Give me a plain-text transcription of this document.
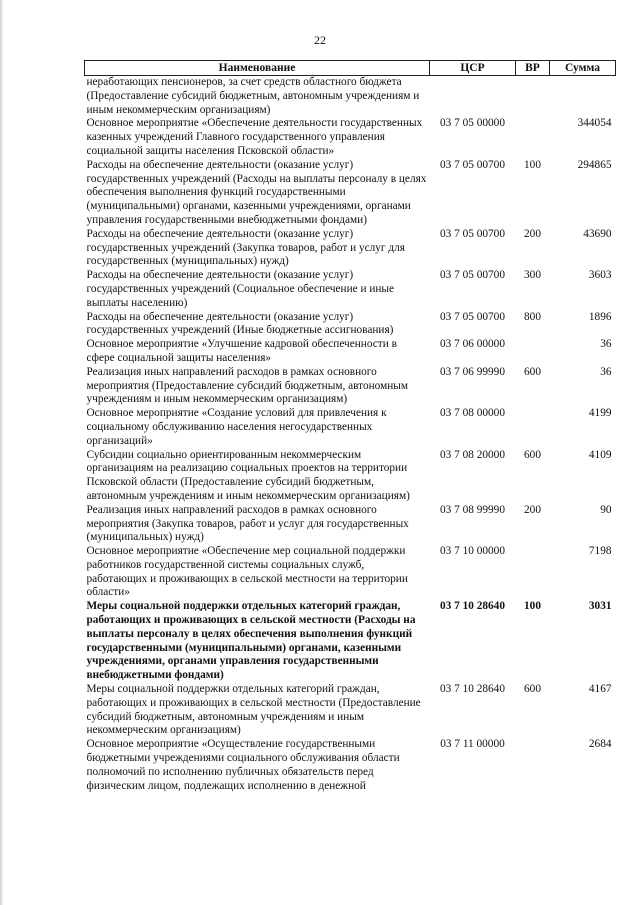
22
Наименование	ЦСР	ВР	Сумма
неработающих пенсионеров, за счет средств областного бюджета (Предоставление субсидий бюджетным, автономным учреждениям и иным некоммерческим организациям)			
Основное мероприятие «Обеспечение деятельности государственных казенных учреждений Главного государственного управления социальной защиты населения Псковской области»	03 7 05 00000		344054
Расходы на обеспечение деятельности (оказание услуг) государственных учреждений (Расходы на выплаты персоналу в целях обеспечения выполнения функций государственными (муниципальными) органами, казенными учреждениями, органами управления государственными внебюджетными фондами)	03 7 05 00700	100	294865
Расходы на обеспечение деятельности (оказание услуг) государственных учреждений (Закупка товаров, работ и услуг для государственных (муниципальных) нужд)	03 7 05 00700	200	43690
Расходы на обеспечение деятельности (оказание услуг) государственных учреждений (Социальное обеспечение и иные выплаты населению)	03 7 05 00700	300	3603
Расходы на обеспечение деятельности (оказание услуг) государственных учреждений (Иные бюджетные ассигнования)	03 7 05 00700	800	1896
Основное мероприятие «Улучшение кадровой обеспеченности в сфере социальной защиты населения»	03 7 06 00000		36
Реализация иных направлений расходов в рамках основного мероприятия (Предоставление субсидий бюджетным, автономным учреждениям и иным некоммерческим организациям)	03 7 06 99990	600	36
Основное мероприятие «Создание условий для привлечения к социальному обслуживанию населения негосударственных организаций»	03 7 08 00000		4199
Субсидии социально ориентированным некоммерческим организациям на реализацию социальных проектов на территории Псковской области (Предоставление субсидий бюджетным, автономным учреждениям и иным некоммерческим организациям)	03 7 08 20000	600	4109
Реализация иных направлений расходов в рамках основного мероприятия (Закупка товаров, работ и услуг для государственных (муниципальных) нужд)	03 7 08 99990	200	90
Основное мероприятие «Обеспечение мер социальной поддержки работников государственной системы социальных служб, работающих и проживающих в сельской местности на территории области»	03 7 10 00000		7198
Меры социальной поддержки отдельных категорий граждан, работающих и проживающих в сельской местности (Расходы на выплаты персоналу в целях обеспечения выполнения функций государственными (муниципальными) органами, казенными учреждениями, органами управления государственными внебюджетными фондами)	03 7 10 28640	100	3031
Меры социальной поддержки отдельных категорий граждан, работающих и проживающих в сельской местности (Предоставление субсидий бюджетным, автономным учреждениям и иным некоммерческим организациям)	03 7 10 28640	600	4167
Основное мероприятие «Осуществление государственными бюджетными учреждениями социального обслуживания области полномочий по исполнению публичных обязательств перед физическим лицом, подлежащих исполнению в денежной	03 7 11 00000		2684
